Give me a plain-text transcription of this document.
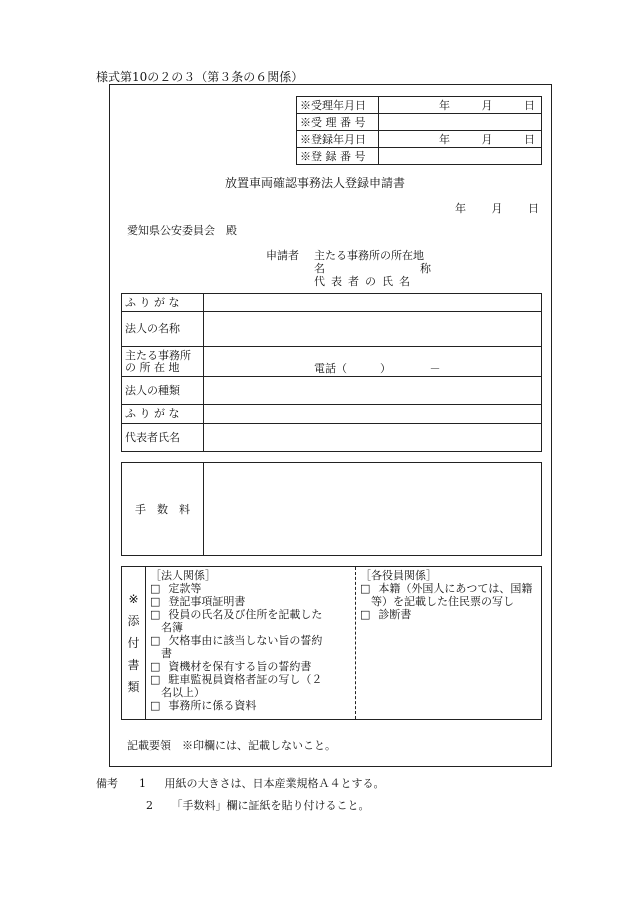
様式第10の２の３（第３条の６関係）
※受理年月日	年 月 日
※受 理 番 号	
※登録年月日	年 月 日
※登 録 番 号	
放置車両確認事務法人登録申請書
年 月 日
愛知県公安委員会　殿
申請者 主たる事務所の所在地
名	称
代表者の氏名
ふ り が な	
法人の名称	

主たる事務所
の 所 在 地	電話（　　　）　　　　－
法人の種類	
ふ り が な	
代表者氏名	
手　数　料	
※
添
付
書
類

［法人関係］
□ 定款等
□ 登記事項証明書
□ 役員の氏名及び住所を記載した
名簿
□ 欠格事由に該当しない旨の誓約
書
□ 資機材を保有する旨の誓約書
□ 駐車監視員資格者証の写し（２
名以上）
□ 事務所に係る資料

［各役員関係］
□ 本籍（外国人にあつては、国籍
等）を記載した住民票の写し
□ 診断書
記載要領　※印欄には、記載しないこと。
備考 1 用紙の大きさは、日本産業規格Ａ４とする。
2 「手数料」欄に証紙を貼り付けること。
